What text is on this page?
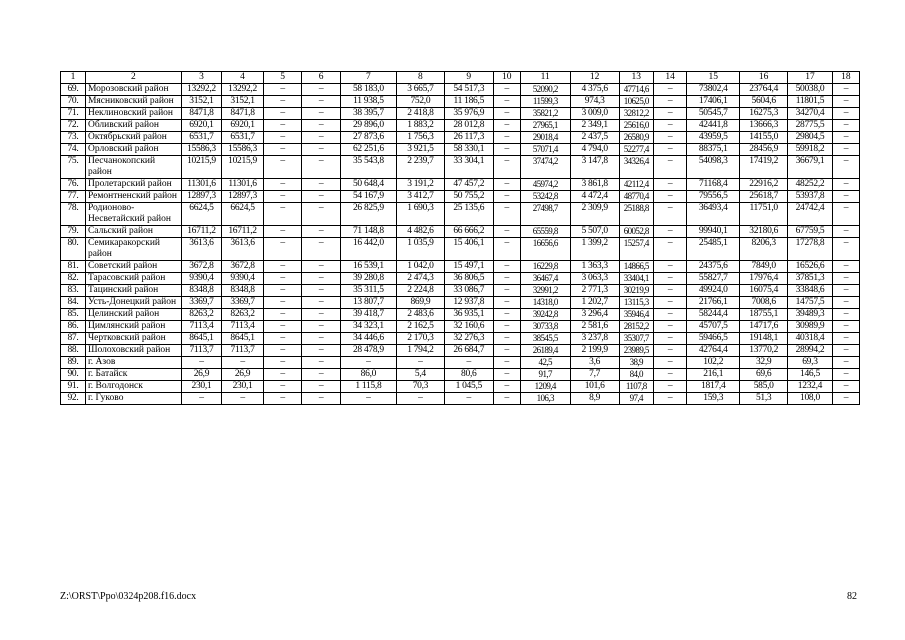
1	2	3	4	5	6	7	8	9	10	11	12	13	14	15	16	17	18
69.	Морозовский район	13292,2	13292,2	–	–	58 183,0	3 665,7	54 517,3	–	52090,2	4 375,6	47714,6	–	73802,4	23764,4	50038,0	–
70.	Мясниковский район	3152,1	3152,1	–	–	11 938,5	752,0	11 186,5	–	11599,3	974,3	10625,0	–	17406,1	5604,6	11801,5	–
71.	Неклиновский район	8471,8	8471,8	–	–	38 395,7	2 418,8	35 976,9	–	35821,2	3 009,0	32812,2	–	50545,7	16275,3	34270,4	–
72.	Обливский район	6920,1	6920,1	–	–	29 896,0	1 883,2	28 012,8	–	27965,1	2 349,1	25616,0	–	42441,8	13666,3	28775,5	–
73.	Октябрьский район	6531,7	6531,7	–	–	27 873,6	1 756,3	26 117,3	–	29018,4	2 437,5	26580,9	–	43959,5	14155,0	29804,5	–
74.	Орловский район	15586,3	15586,3	–	–	62 251,6	3 921,5	58 330,1	–	57071,4	4 794,0	52277,4	–	88375,1	28456,9	59918,2	–
75.	Песчанокопский район	10215,9	10215,9	–	–	35 543,8	2 239,7	33 304,1	–	37474,2	3 147,8	34326,4	–	54098,3	17419,2	36679,1	–
76.	Пролетарский район	11301,6	11301,6	–	–	50 648,4	3 191,2	47 457,2	–	45974,2	3 861,8	42112,4	–	71168,4	22916,2	48252,2	–
77.	Ремонтненский район	12897,3	12897,3	–	–	54 167,9	3 412,7	50 755,2	–	53242,8	4 472,4	48770,4	–	79556,5	25618,7	53937,8	–
78.	Родионово-Несветайский район	6624,5	6624,5	–	–	26 825,9	1 690,3	25 135,6	–	27498,7	2 309,9	25188,8	–	36493,4	11751,0	24742,4	–
79.	Сальский район	16711,2	16711,2	–	–	71 148,8	4 482,6	66 666,2	–	65559,8	5 507,0	60052,8	–	99940,1	32180,6	67759,5	–
80.	Семикаракорский район	3613,6	3613,6	–	–	16 442,0	1 035,9	15 406,1	–	16656,6	1 399,2	15257,4	–	25485,1	8206,3	17278,8	–
81.	Советский район	3672,8	3672,8	–	–	16 539,1	1 042,0	15 497,1	–	16229,8	1 363,3	14866,5	–	24375,6	7849,0	16526,6	–
82.	Тарасовский район	9390,4	9390,4	–	–	39 280,8	2 474,3	36 806,5	–	36467,4	3 063,3	33404,1	–	55827,7	17976,4	37851,3	–
83.	Тацинский район	8348,8	8348,8	–	–	35 311,5	2 224,8	33 086,7	–	32991,2	2 771,3	30219,9	–	49924,0	16075,4	33848,6	–
84.	Усть-Донецкий район	3369,7	3369,7	–	–	13 807,7	869,9	12 937,8	–	14318,0	1 202,7	13115,3	–	21766,1	7008,6	14757,5	–
85.	Целинский район	8263,2	8263,2	–	–	39 418,7	2 483,6	36 935,1	–	39242,8	3 296,4	35946,4	–	58244,4	18755,1	39489,3	–
86.	Цимлянский район	7113,4	7113,4	–	–	34 323,1	2 162,5	32 160,6	–	30733,8	2 581,6	28152,2	–	45707,5	14717,6	30989,9	–
87.	Чертковский район	8645,1	8645,1	–	–	34 446,6	2 170,3	32 276,3	–	38545,5	3 237,8	35307,7	–	59466,5	19148,1	40318,4	–
88.	Шолоховский район	7113,7	7113,7	–	–	28 478,9	1 794,2	26 684,7	–	26189,4	2 199,9	23989,5	–	42764,4	13770,2	28994,2	–
89.	г. Азов	–	–	–	–	–	–	–	–	42,5	3,6	38,9	–	102,2	32,9	69,3	–
90.	г. Батайск	26,9	26,9	–	–	86,0	5,4	80,6	–	91,7	7,7	84,0	–	216,1	69,6	146,5	–
91.	г. Волгодонск	230,1	230,1	–	–	1 115,8	70,3	1 045,5	–	1209,4	101,6	1107,8	–	1817,4	585,0	1232,4	–
92.	г. Гуково	–	–	–	–	–	–	–	–	106,3	8,9	97,4	–	159,3	51,3	108,0	–
Z:\ORST\Ppo\0324p208.f16.docx	82
